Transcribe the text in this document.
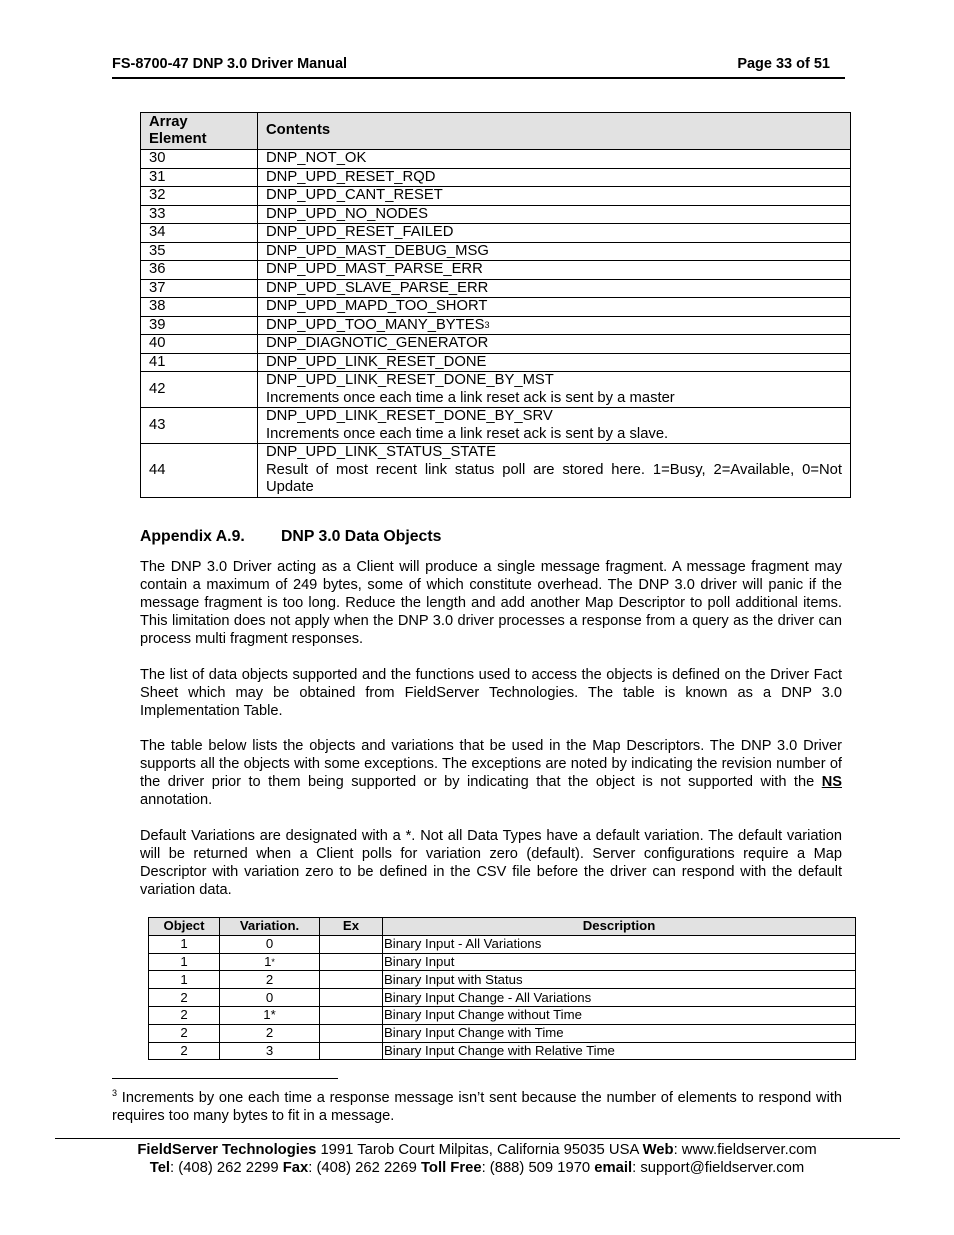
FS-8700-47 DNP 3.0 Driver Manual	Page 33 of 51
Array Element	Contents
30	DNP_NOT_OK

31	DNP_UPD_RESET_RQD

32	DNP_UPD_CANT_RESET

33	DNP_UPD_NO_NODES

34	DNP_UPD_RESET_FAILED

35	DNP_UPD_MAST_DEBUG_MSG

36	DNP_UPD_MAST_PARSE_ERR

37	DNP_UPD_SLAVE_PARSE_ERR

38	DNP_UPD_MAPD_TOO_SHORT

39	DNP_UPD_TOO_MANY_BYTES$^3$

40	DNP_DIAGNOTIC_GENERATOR

41	DNP_UPD_LINK_RESET_DONE

42	DNP_UPD_LINK_RESET_DONE_BY_MST
Increments once each time a link reset ack is sent by a master

43	DNP_UPD_LINK_RESET_DONE_BY_SRV
Increments once each time a link reset ack is sent by a slave.

44	DNP_UPD_LINK_STATUS_STATE
Result of most recent link status poll are stored here. 1=Busy, 2=Available, 0=Not Update
Appendix A.9. DNP 3.0 Data Objects

The DNP 3.0 Driver acting as a Client will produce a single message fragment. A message fragment may contain a maximum of 249 bytes, some of which constitute overhead. The DNP 3.0 driver will panic if the message fragment is too long. Reduce the length and add another Map Descriptor to poll additional items. This limitation does not apply when the DNP 3.0 driver processes a response from a query as the driver can process multi fragment responses.

The list of data objects supported and the functions used to access the objects is defined on the Driver Fact Sheet which may be obtained from FieldServer Technologies. The table is known as a DNP 3.0 Implementation Table.

The table below lists the objects and variations that be used in the Map Descriptors. The DNP 3.0 Driver supports all the objects with some exceptions. The exceptions are noted by indicating the revision number of the driver prior to them being supported or by indicating that the object is not supported with the NS annotation.

Default Variations are designated with a *. Not all Data Types have a default variation. The default variation will be returned when a Client polls for variation zero (default). Server configurations require a Map Descriptor with variation zero to be defined in the CSV file before the driver can respond with the default variation data.

Object	Variation.	Ex	Description
1	0		Binary Input - All Variations
1	1*		Binary Input
1	2		Binary Input with Status
2	0		Binary Input Change - All Variations
2	1*		Binary Input Change without Time
2	2		Binary Input Change with Time
2	3		Binary Input Change with Relative Time

$^3$ Increments by one each time a response message isn’t sent because the number of elements to respond with requires too many bytes to fit in a message.

FieldServer Technologies 1991 Tarob Court Milpitas, California 95035 USA Web: www.fieldserver.com
Tel: (408) 262 2299 Fax: (408) 262 2269 Toll Free: (888) 509 1970 email: support@fieldserver.com
